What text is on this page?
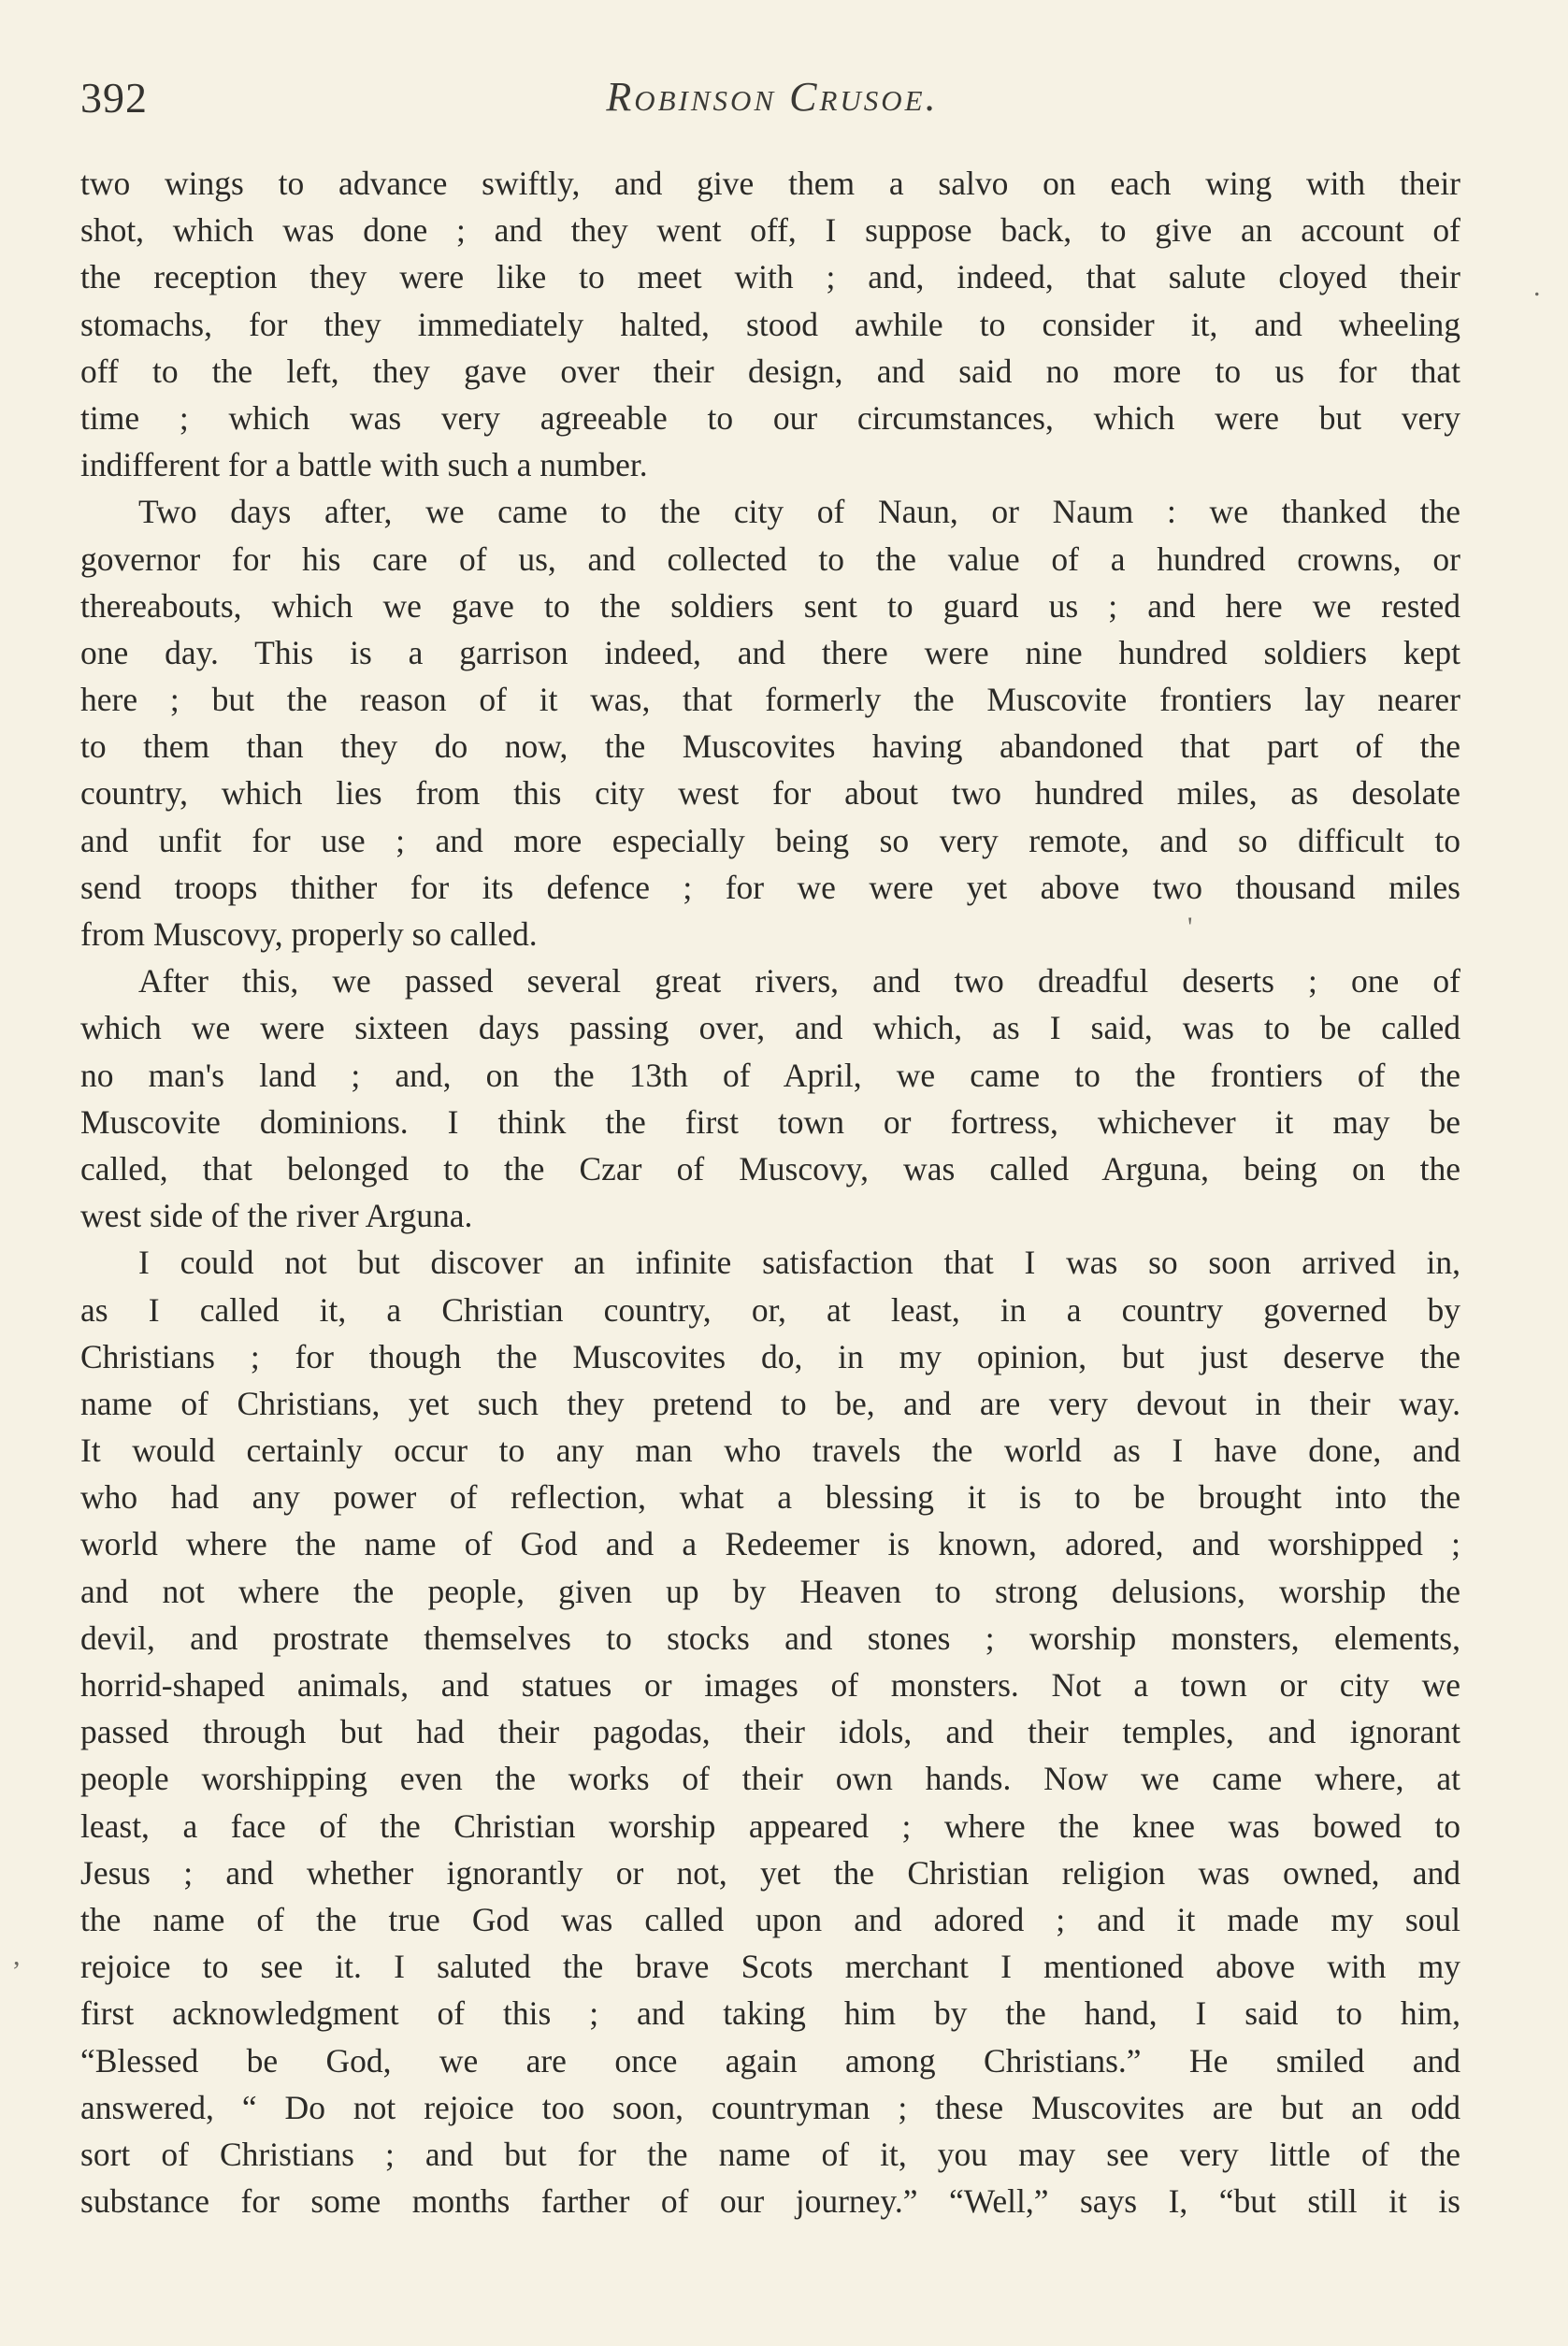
392	Robinson Crusoe.
two wings to advance swiftly, and give them a salvo on each wing with their
shot, which was done ; and they went off, I suppose back, to give an account of
the reception they were like to meet with ; and, indeed, that salute cloyed their
stomachs, for they immediately halted, stood awhile to consider it, and wheeling
off to the left, they gave over their design, and said no more to us for that
time ; which was very agreeable to our circumstances, which were but very
indifferent for a battle with such a number.
Two days after, we came to the city of Naun, or Naum : we thanked the
governor for his care of us, and collected to the value of a hundred crowns, or
thereabouts, which we gave to the soldiers sent to guard us ; and here we rested
one day. This is a garrison indeed, and there were nine hundred soldiers kept
here ; but the reason of it was, that formerly the Muscovite frontiers lay nearer
to them than they do now, the Muscovites having abandoned that part of the
country, which lies from this city west for about two hundred miles, as desolate
and unfit for use ; and more especially being so very remote, and so difficult to
send troops thither for its defence ; for we were yet above two thousand miles
from Muscovy, properly so called.
After this, we passed several great rivers, and two dreadful deserts ; one of
which we were sixteen days passing over, and which, as I said, was to be called
no man's land ; and, on the 13th of April, we came to the frontiers of the
Muscovite dominions. I think the first town or fortress, whichever it may be
called, that belonged to the Czar of Muscovy, was called Arguna, being on the
west side of the river Arguna.
I could not but discover an infinite satisfaction that I was so soon arrived in,
as I called it, a Christian country, or, at least, in a country governed by
Christians ; for though the Muscovites do, in my opinion, but just deserve the
name of Christians, yet such they pretend to be, and are very devout in their way.
It would certainly occur to any man who travels the world as I have done, and
who had any power of reflection, what a blessing it is to be brought into the
world where the name of God and a Redeemer is known, adored, and worshipped ;
and not where the people, given up by Heaven to strong delusions, worship the
devil, and prostrate themselves to stocks and stones ; worship monsters, elements,
horrid-shaped animals, and statues or images of monsters. Not a town or city we
passed through but had their pagodas, their idols, and their temples, and ignorant
people worshipping even the works of their own hands. Now we came where, at
least, a face of the Christian worship appeared ; where the knee was bowed to
Jesus ; and whether ignorantly or not, yet the Christian religion was owned, and
the name of the true God was called upon and adored ; and it made my soul
rejoice to see it. I saluted the brave Scots merchant I mentioned above with my
first acknowledgment of this ; and taking him by the hand, I said to him,
“Blessed be God, we are once again among Christians.” He smiled and
answered, “ Do not rejoice too soon, countryman ; these Muscovites are but an odd
sort of Christians ; and but for the name of it, you may see very little of the
substance for some months farther of our journey.” “Well,” says I, “but still it is
.
'
,
